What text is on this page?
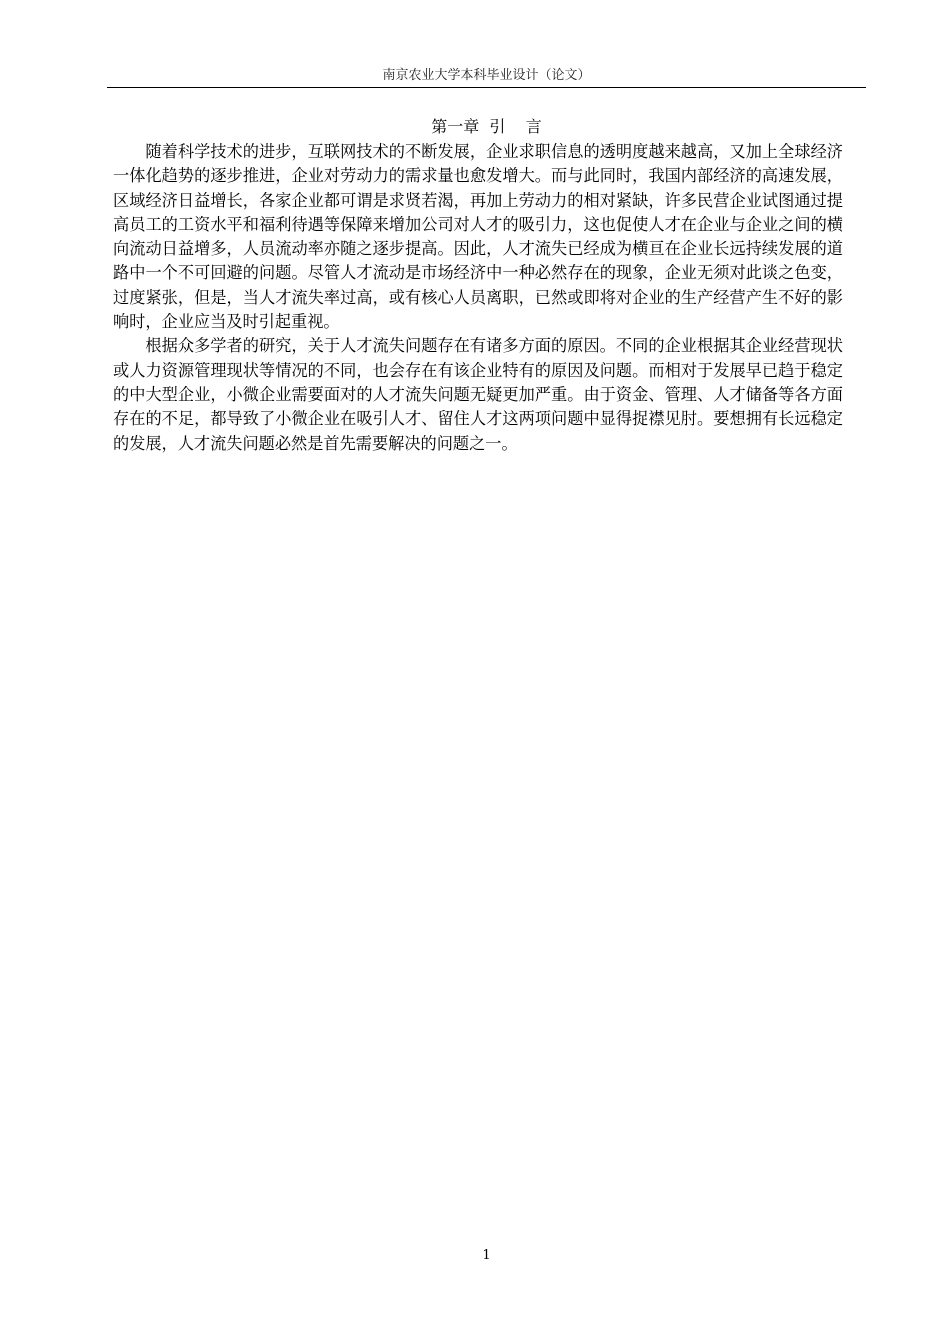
南京农业大学本科毕业设计（论文）
第一章  引    言

随着科学技术的进步，互联网技术的不断发展，企业求职信息的透明度越来越高，又加上全球经济一体化趋势的逐步推进，企业对劳动力的需求量也愈发增大。而与此同时，我国内部经济的高速发展，区域经济日益增长，各家企业都可谓是求贤若渴，再加上劳动力的相对紧缺，许多民营企业试图通过提高员工的工资水平和福利待遇等保障来增加公司对人才的吸引力，这也促使人才在企业与企业之间的横向流动日益增多，人员流动率亦随之逐步提高。因此，人才流失已经成为横亘在企业长远持续发展的道路中一个不可回避的问题。尽管人才流动是市场经济中一种必然存在的现象，企业无须对此谈之色变，过度紧张，但是，当人才流失率过高，或有核心人员离职，已然或即将对企业的生产经营产生不好的影响时，企业应当及时引起重视。

根据众多学者的研究，关于人才流失问题存在有诸多方面的原因。不同的企业根据其企业经营现状或人力资源管理现状等情况的不同，也会存在有该企业特有的原因及问题。而相对于发展早已趋于稳定的中大型企业，小微企业需要面对的人才流失问题无疑更加严重。由于资金、管理、人才储备等各方面存在的不足，都导致了小微企业在吸引人才、留住人才这两项问题中显得捉襟见肘。要想拥有长远稳定的发展，人才流失问题必然是首先需要解决的问题之一。

1
